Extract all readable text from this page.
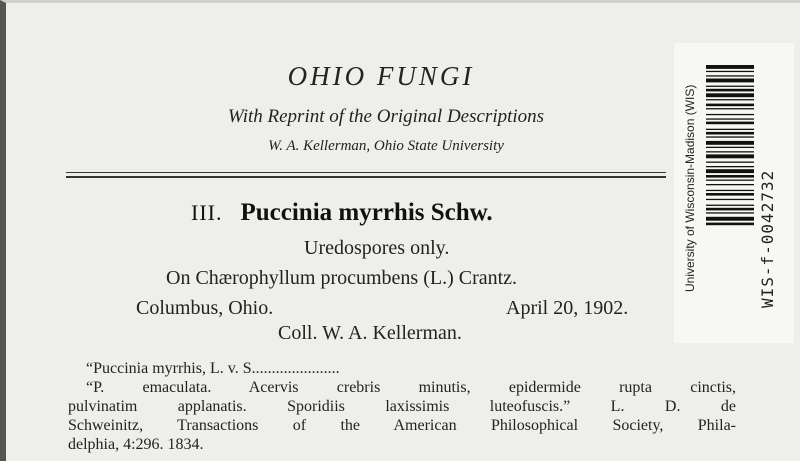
OHIO FUNGI
With Reprint of the Original Descriptions
W. A. Kellerman, Ohio State University
III. Puccinia myrrhis Schw.
Uredospores only.
On Chærophyllum procumbens (L.) Crantz.
Columbus, Ohio.	April 20, 1902.
Coll. W. A. Kellerman.
“Puccinia myrrhis, L. v. S......................
“P. emaculata. Acervis crebris minutis, epidermide rupta cinctis,
pulvinatim applanatis. Sporidiis laxissimis luteofuscis.” L. D. de
Schweinitz, Transactions of the American Philosophical Society, Phila-
delphia, 4:296. 1834.
University of Wisconsin-Madison (WIS)	WIS-f-0042732
